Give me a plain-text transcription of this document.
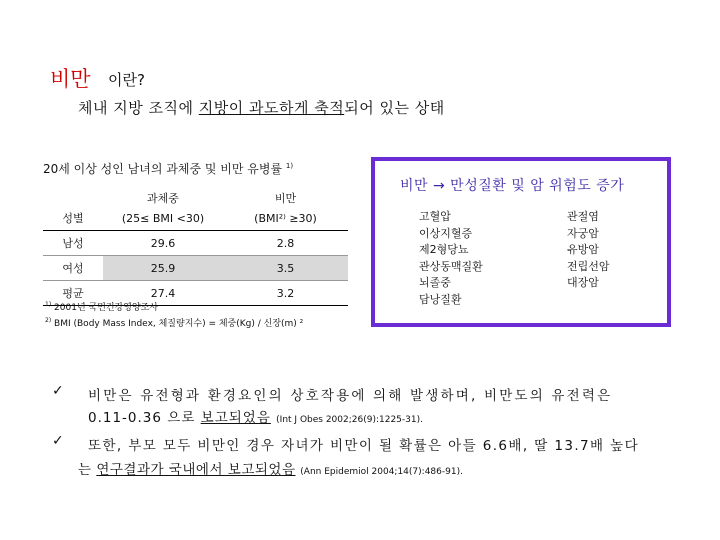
비만 이란?
체내 지방 조직에 지방이 과도하게 축적되어 있는 상태
20세 이상 성인 남녀의 과체중 및 비만 유병률 $^{1)}$
	과체중	비만
성별	(25≤ BMI <30)	(BMI²⁾ ≥30)
남성	29.6	2.8
여성	25.9	3.5
평균	27.4	3.2
$^{1)}$ 2001년 국민건강영양조사
$^{2)}$ BMI (Body Mass Index, 체질량지수) = 체중(Kg) / 신장(m) ²
비만 → 만성질환 및 암 위험도 증가
고혈압
이상지혈증
제2형당뇨
관상동맥질환
뇌졸중
담낭질환
관절염
자궁암
유방암
전립선암
대장암
✓ 비만은 유전형과 환경요인의 상호작용에 의해 발생하며, 비만도의 유전력은
0.11-0.36 으로 보고되었음 (Int J Obes 2002;26(9):1225-31).
✓ 또한, 부모 모두 비만인 경우 자녀가 비만이 될 확률은 아들 6.6배, 딸 13.7배 높다
는 연구결과가 국내에서 보고되었음 (Ann Epidemiol 2004;14(7):486-91).
